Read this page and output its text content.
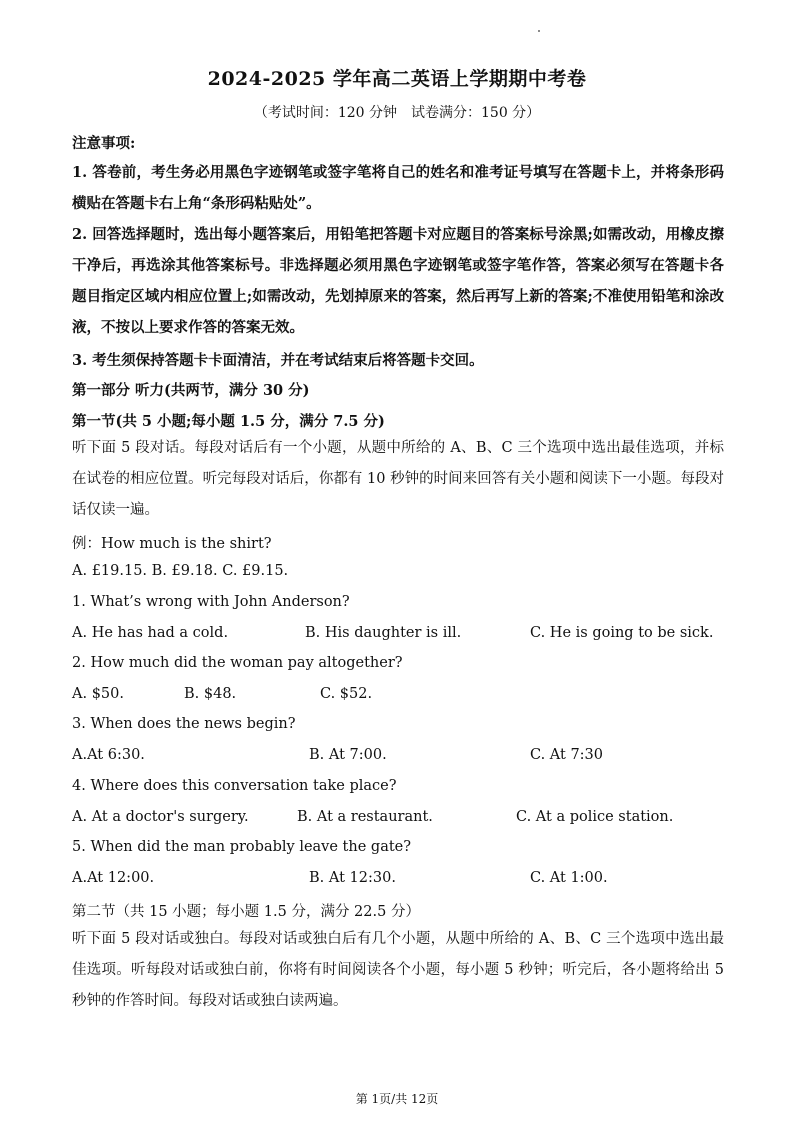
2024-2025 学年高二英语上学期期中考卷
（考试时间：120 分钟　试卷满分：150 分）
注意事项:

1. 答卷前，考生务必用黑色字迹钢笔或签字笔将自己的姓名和准考证号填写在答题卡上，并将条形码横贴在答题卡右上角“条形码粘贴处”。

2. 回答选择题时，选出每小题答案后，用铅笔把答题卡对应题目的答案标号涂黑;如需改动，用橡皮擦干净后，再选涂其他答案标号。非选择题必须用黑色字迹钢笔或签字笔作答，答案必须写在答题卡各题目指定区域内相应位置上;如需改动，先划掉原来的答案，然后再写上新的答案;不准使用铅笔和涂改液，不按以上要求作答的答案无效。

3. 考生须保持答题卡卡面清洁，并在考试结束后将答题卡交回。
第一部分 听力(共两节，满分 30 分)
第一节(共 5 小题;每小题 1.5 分，满分 7.5 分)

听下面 5 段对话。每段对话后有一个小题，从题中所给的 A、B、C 三个选项中选出最佳选项，并标在试卷的相应位置。听完每段对话后，你都有 10 秒钟的时间来回答有关小题和阅读下一小题。每段对话仅读一遍。

例：How much is the shirt?
A. £19.15. B. £9.18. C. £9.15.
1. What’s wrong with John Anderson?
A. He has had a cold.	B. His daughter is ill.	C. He is going to be sick.
2. How much did the woman pay altogether?
A. $50.	B. $48.	C. $52.
3. When does the news begin?
A.At 6:30.	B. At 7:00.	C. At 7:30
4. Where does this conversation take place?
A. At a doctor's surgery.	B. At a restaurant.	C. At a police station.
5. When did the man probably leave the gate?
A.At 12:00.	B. At 12:30.	C. At 1:00.
第二节（共 15 小题；每小题 1.5 分，满分 22.5 分）

听下面 5 段对话或独白。每段对话或独白后有几个小题，从题中所给的 A、B、C 三个选项中选出最佳选项。听每段对话或独白前，你将有时间阅读各个小题，每小题 5 秒钟；听完后，各小题将给出 5 秒钟的作答时间。每段对话或独白读两遍。

第 1页/共 12页
